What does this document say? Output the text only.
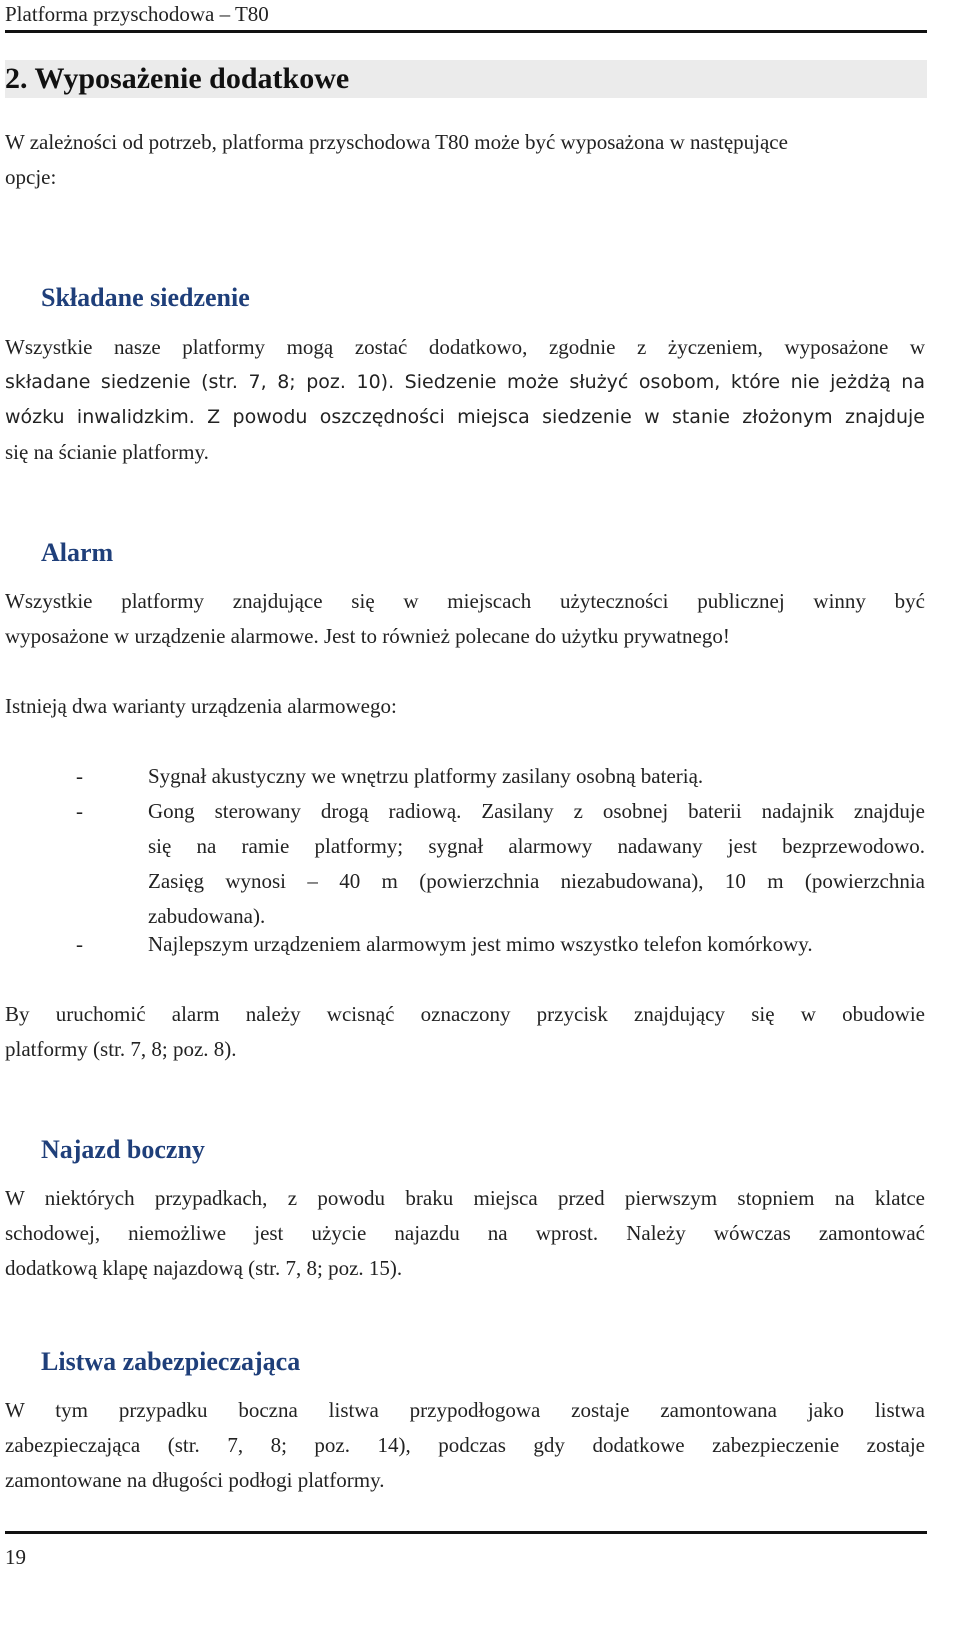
Platforma przyschodowa – T80
2. Wyposażenie dodatkowe
W zależności od potrzeb, platforma przyschodowa T80 może być wyposażona w następujące
opcje:
Składane siedzenie
Wszystkie nasze platformy mogą zostać dodatkowo, zgodnie z życzeniem, wyposażone w
składane siedzenie (str. 7, 8; poz. 10). Siedzenie może służyć osobom, które nie jeżdżą na
wózku inwalidzkim. Z powodu oszczędności miejsca siedzenie w stanie złożonym znajduje
się na ścianie platformy.
Alarm
Wszystkie platformy znajdujące się w miejscach użyteczności publicznej winny być
wyposażone w urządzenie alarmowe. Jest to również polecane do użytku prywatnego!
Istnieją dwa warianty urządzenia alarmowego:
-	Sygnał akustyczny we wnętrzu platformy zasilany osobną baterią.
-	Gong sterowany drogą radiową. Zasilany z osobnej baterii nadajnik znajduje
się na ramie platformy; sygnał alarmowy nadawany jest bezprzewodowo.
Zasięg wynosi – 40 m (powierzchnia niezabudowana), 10 m (powierzchnia
zabudowana).
-	Najlepszym urządzeniem alarmowym jest mimo wszystko telefon komórkowy.
By uruchomić alarm należy wcisnąć oznaczony przycisk znajdujący się w obudowie
platformy (str. 7, 8; poz. 8).
Najazd boczny
W niektórych przypadkach, z powodu braku miejsca przed pierwszym stopniem na klatce
schodowej, niemożliwe jest użycie najazdu na wprost. Należy wówczas zamontować
dodatkową klapę najazdową (str. 7, 8; poz. 15).
Listwa zabezpieczająca
W tym przypadku boczna listwa przypodłogowa zostaje zamontowana jako listwa
zabezpieczająca (str. 7, 8; poz. 14), podczas gdy dodatkowe zabezpieczenie zostaje
zamontowane na długości podłogi platformy.
19
